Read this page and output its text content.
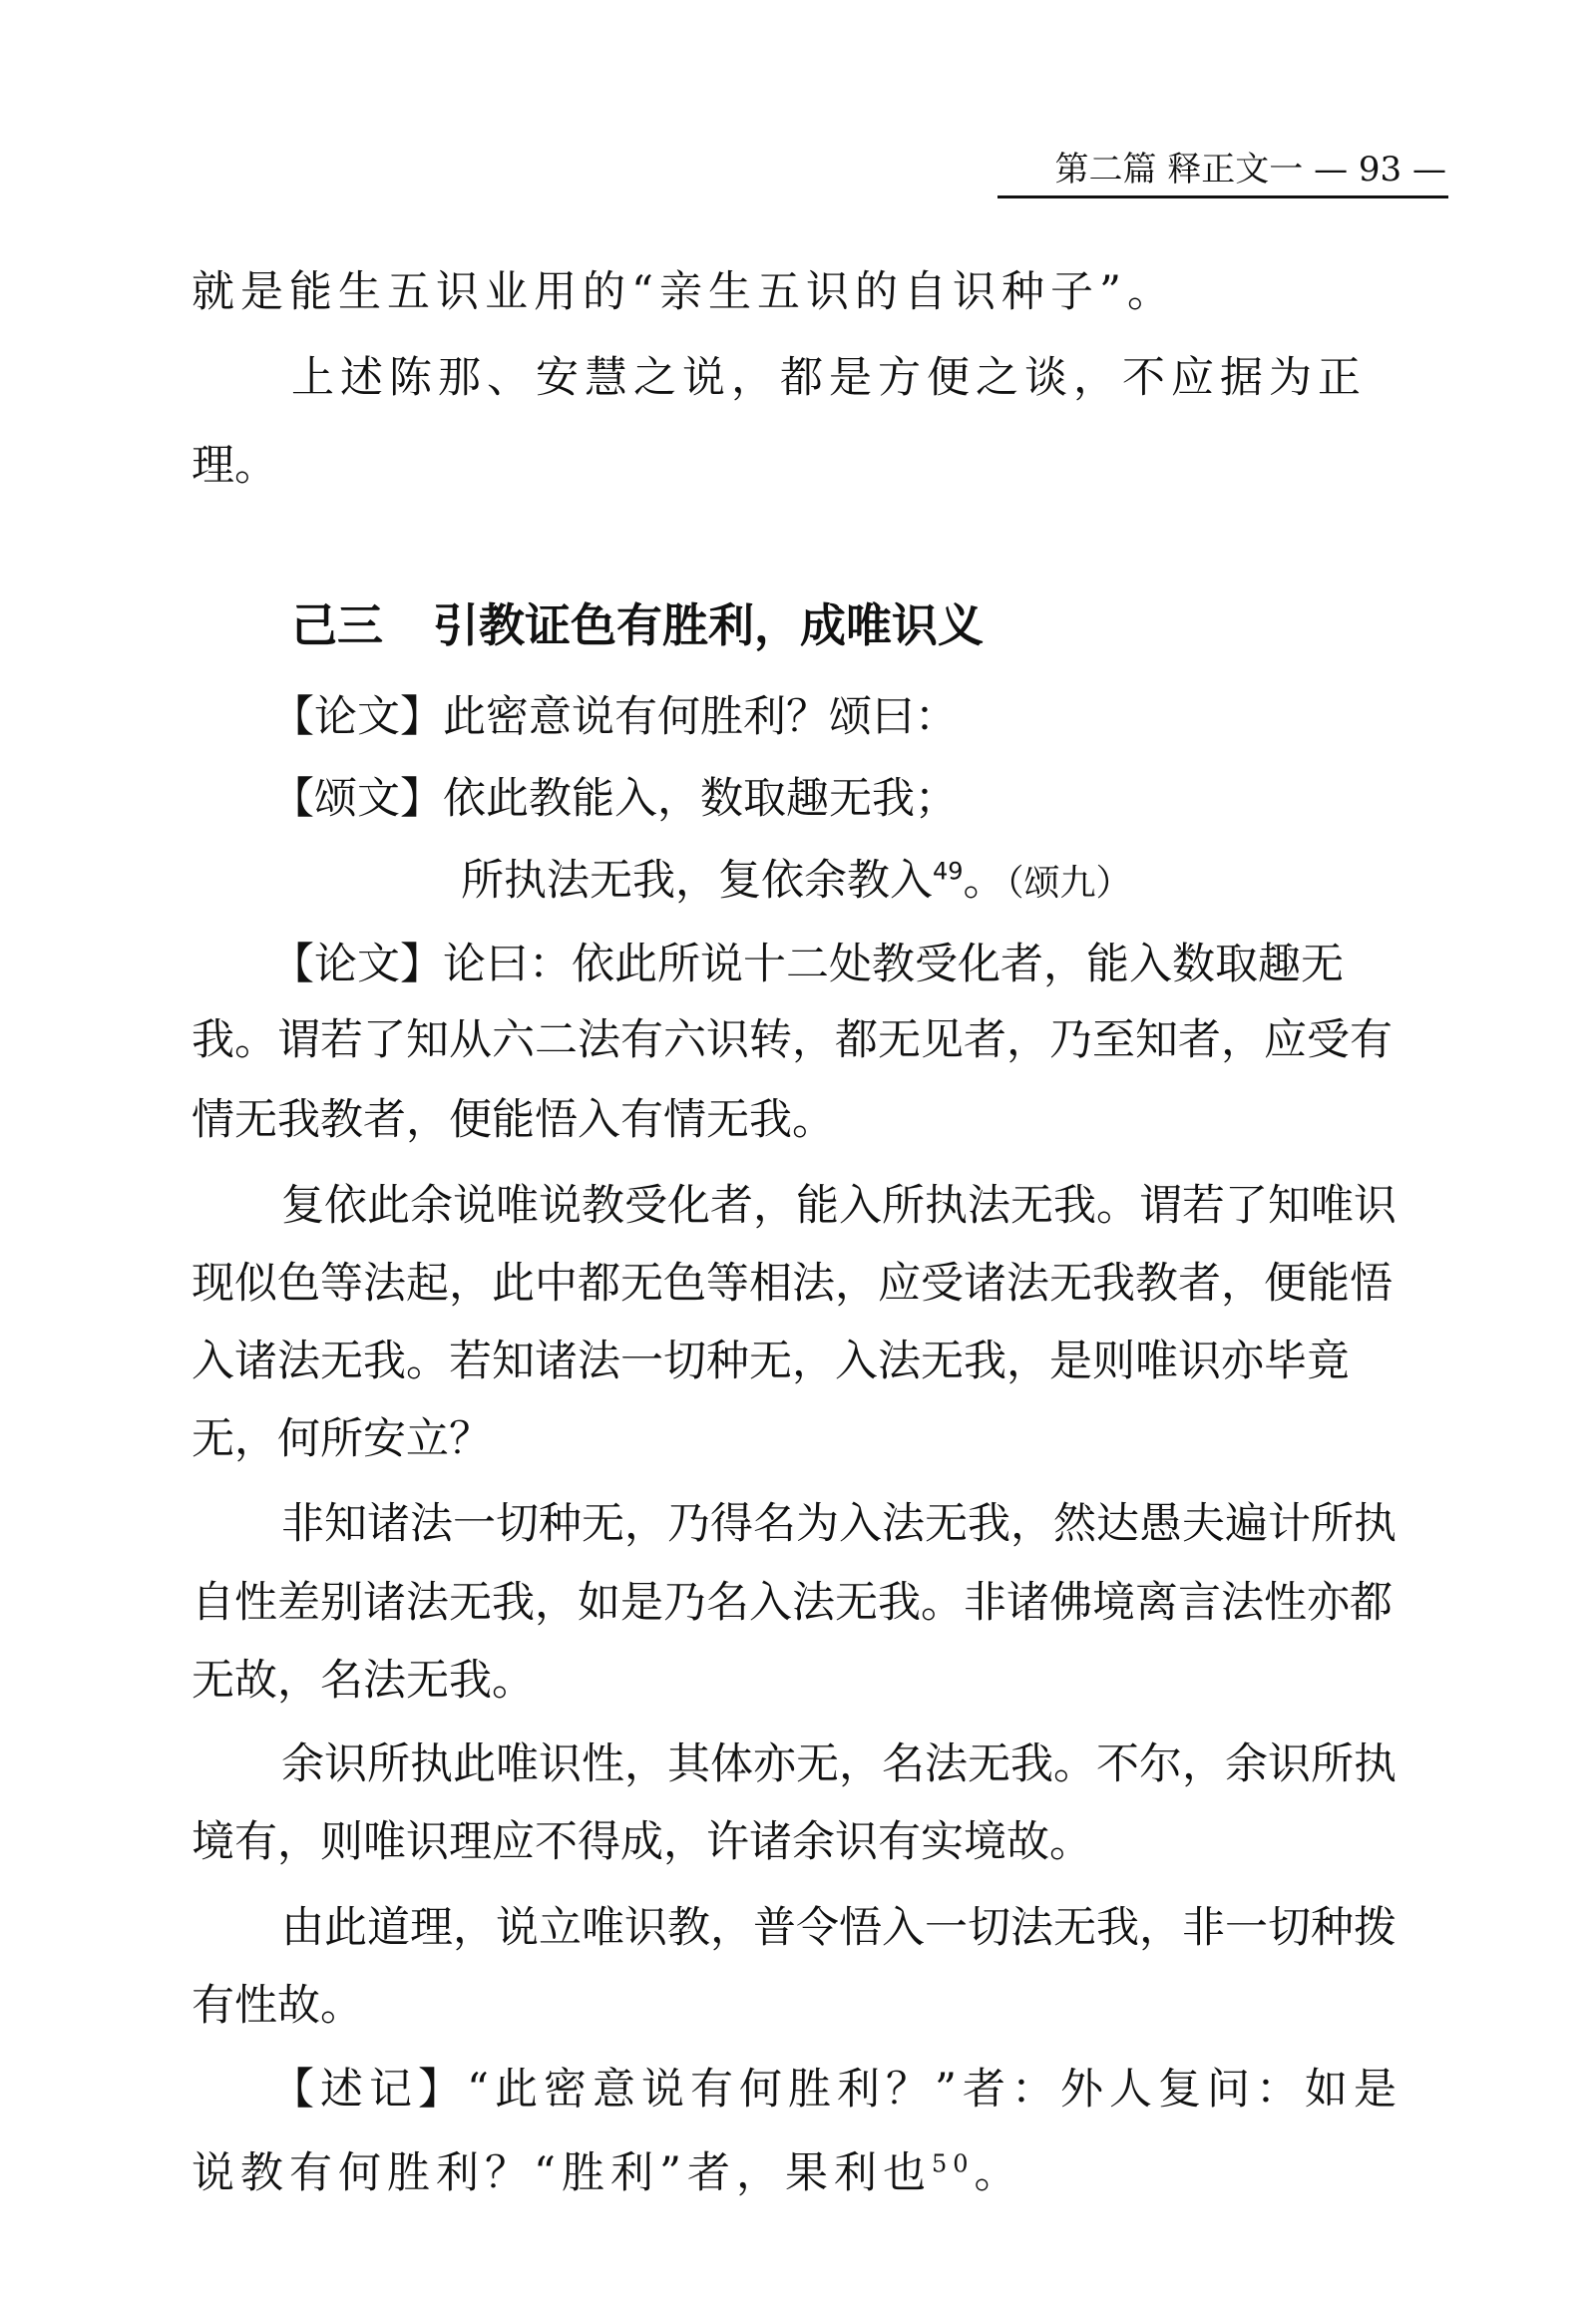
第二篇 释正文一 — 93 —
就是能生五识业用的“亲生五识的自识种子”。
上述陈那、安慧之说，都是方便之谈，不应据为正
理。
己三 引教证色有胜利，成唯识义
【论文】此密意说有何胜利？颂曰：
【颂文】依此教能入，数取趣无我；
所执法无我，复依余教入$^{49}$。（颂九）
【论文】论曰：依此所说十二处教受化者，能入数取趣无
我。谓若了知从六二法有六识转，都无见者，乃至知者，应受有
情无我教者，便能悟入有情无我。
复依此余说唯说教受化者，能入所执法无我。谓若了知唯识
现似色等法起，此中都无色等相法，应受诸法无我教者，便能悟
入诸法无我。若知诸法一切种无，入法无我，是则唯识亦毕竟
无，何所安立？
非知诸法一切种无，乃得名为入法无我，然达愚夫遍计所执
自性差别诸法无我，如是乃名入法无我。非诸佛境离言法性亦都
无故，名法无我。
余识所执此唯识性，其体亦无，名法无我。不尔，余识所执
境有，则唯识理应不得成，许诸余识有实境故。
由此道理，说立唯识教，普令悟入一切法无我，非一切种拨
有性故。
【述记】“此密意说有何胜利？”者：外人复问：如是
说教有何胜利？“胜利”者，果利也$^{50}$。
